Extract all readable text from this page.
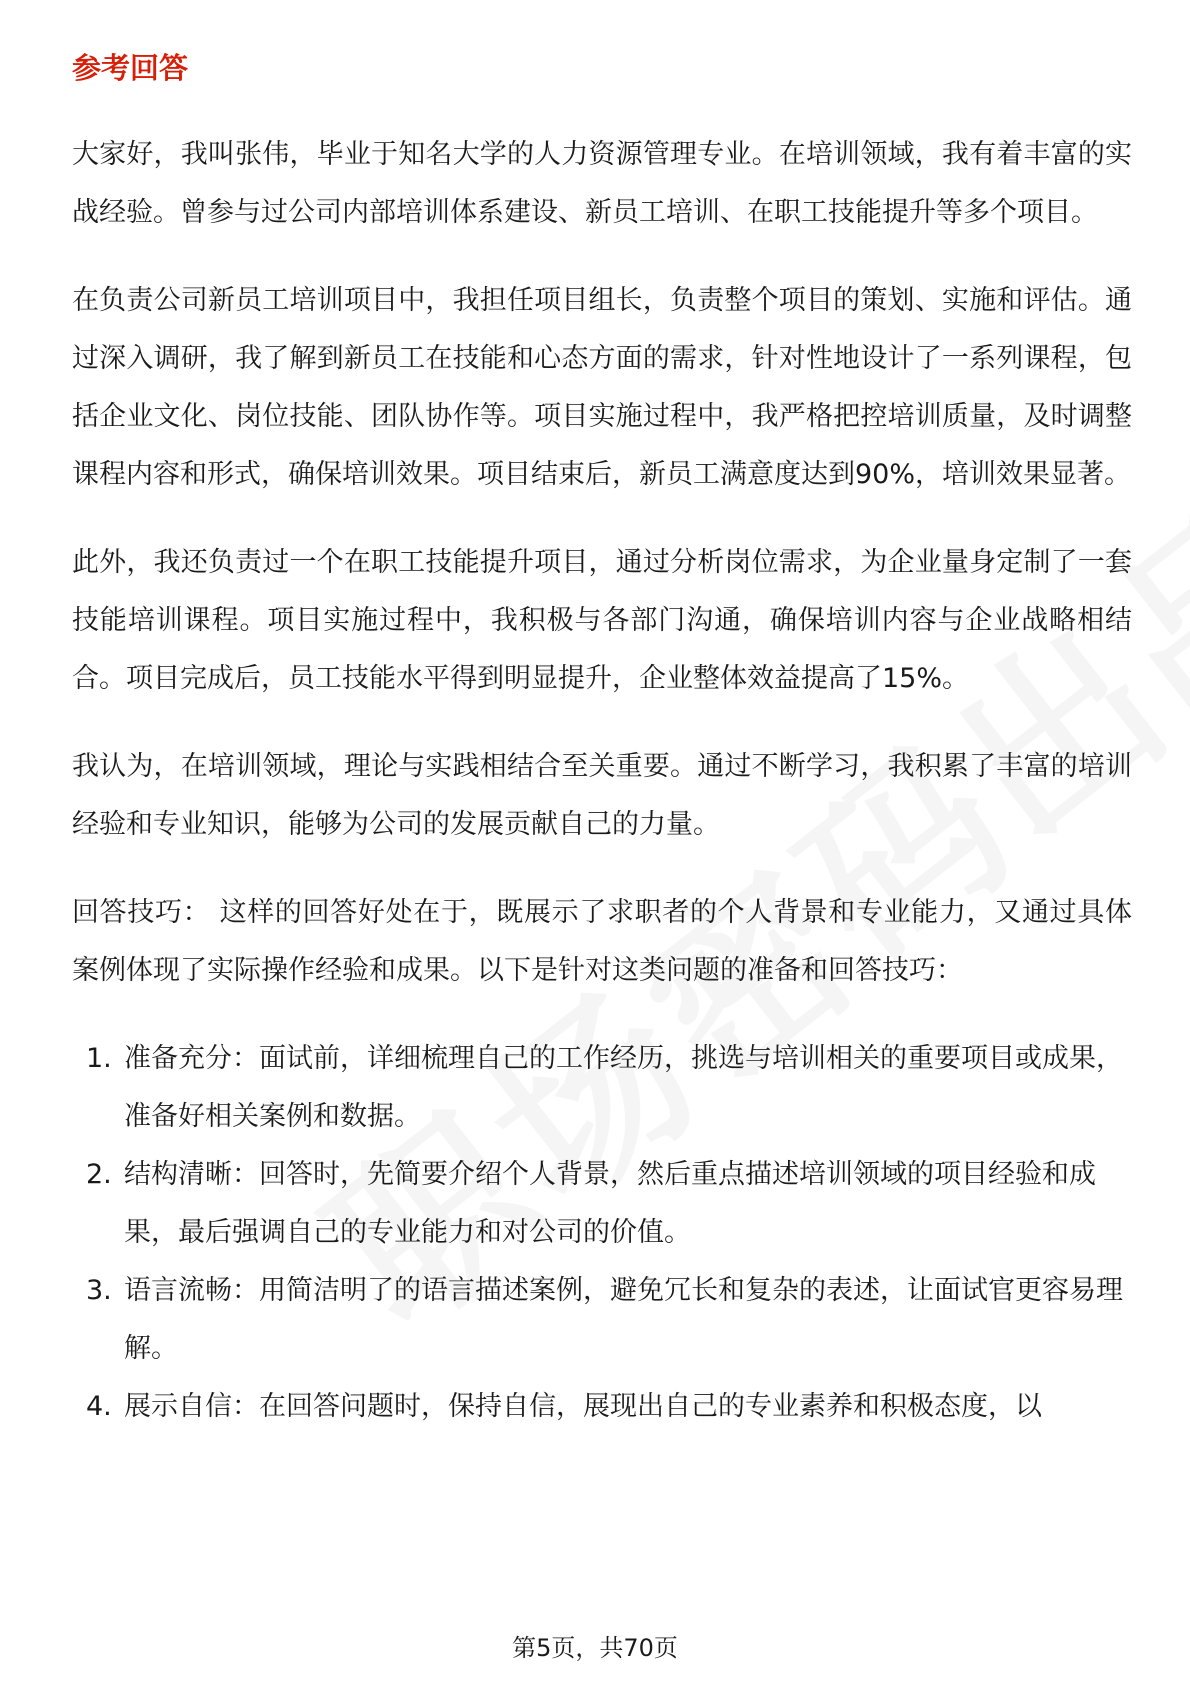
参考回答

大家好，我叫张伟，毕业于知名大学的人力资源管理专业。在培训领域，我有着丰富的实战经验。曾参与过公司内部培训体系建设、新员工培训、在职工技能提升等多个项目。

在负责公司新员工培训项目中，我担任项目组长，负责整个项目的策划、实施和评估。通过深入调研，我了解到新员工在技能和心态方面的需求，针对性地设计了一系列课程，包括企业文化、岗位技能、团队协作等。项目实施过程中，我严格把控培训质量，及时调整课程内容和形式，确保培训效果。项目结束后，新员工满意度达到90%，培训效果显著。

此外，我还负责过一个在职工技能提升项目，通过分析岗位需求，为企业量身定制了一套技能培训课程。项目实施过程中，我积极与各部门沟通，确保培训内容与企业战略相结合。项目完成后，员工技能水平得到明显提升，企业整体效益提高了15%。

我认为，在培训领域，理论与实践相结合至关重要。通过不断学习，我积累了丰富的培训经验和专业知识，能够为公司的发展贡献自己的力量。

回答技巧： 这样的回答好处在于，既展示了求职者的个人背景和专业能力，又通过具体案例体现了实际操作经验和成果。以下是针对这类问题的准备和回答技巧：

1. 准备充分：面试前，详细梳理自己的工作经历，挑选与培训相关的重要项目或成果，准备好相关案例和数据。
2. 结构清晰：回答时，先简要介绍个人背景，然后重点描述培训领域的项目经验和成果，最后强调自己的专业能力和对公司的价值。
3. 语言流畅：用简洁明了的语言描述案例，避免冗长和复杂的表述，让面试官更容易理解。
4. 展示自信：在回答问题时，保持自信，展现出自己的专业素养和积极态度，以
第5页，共70页
